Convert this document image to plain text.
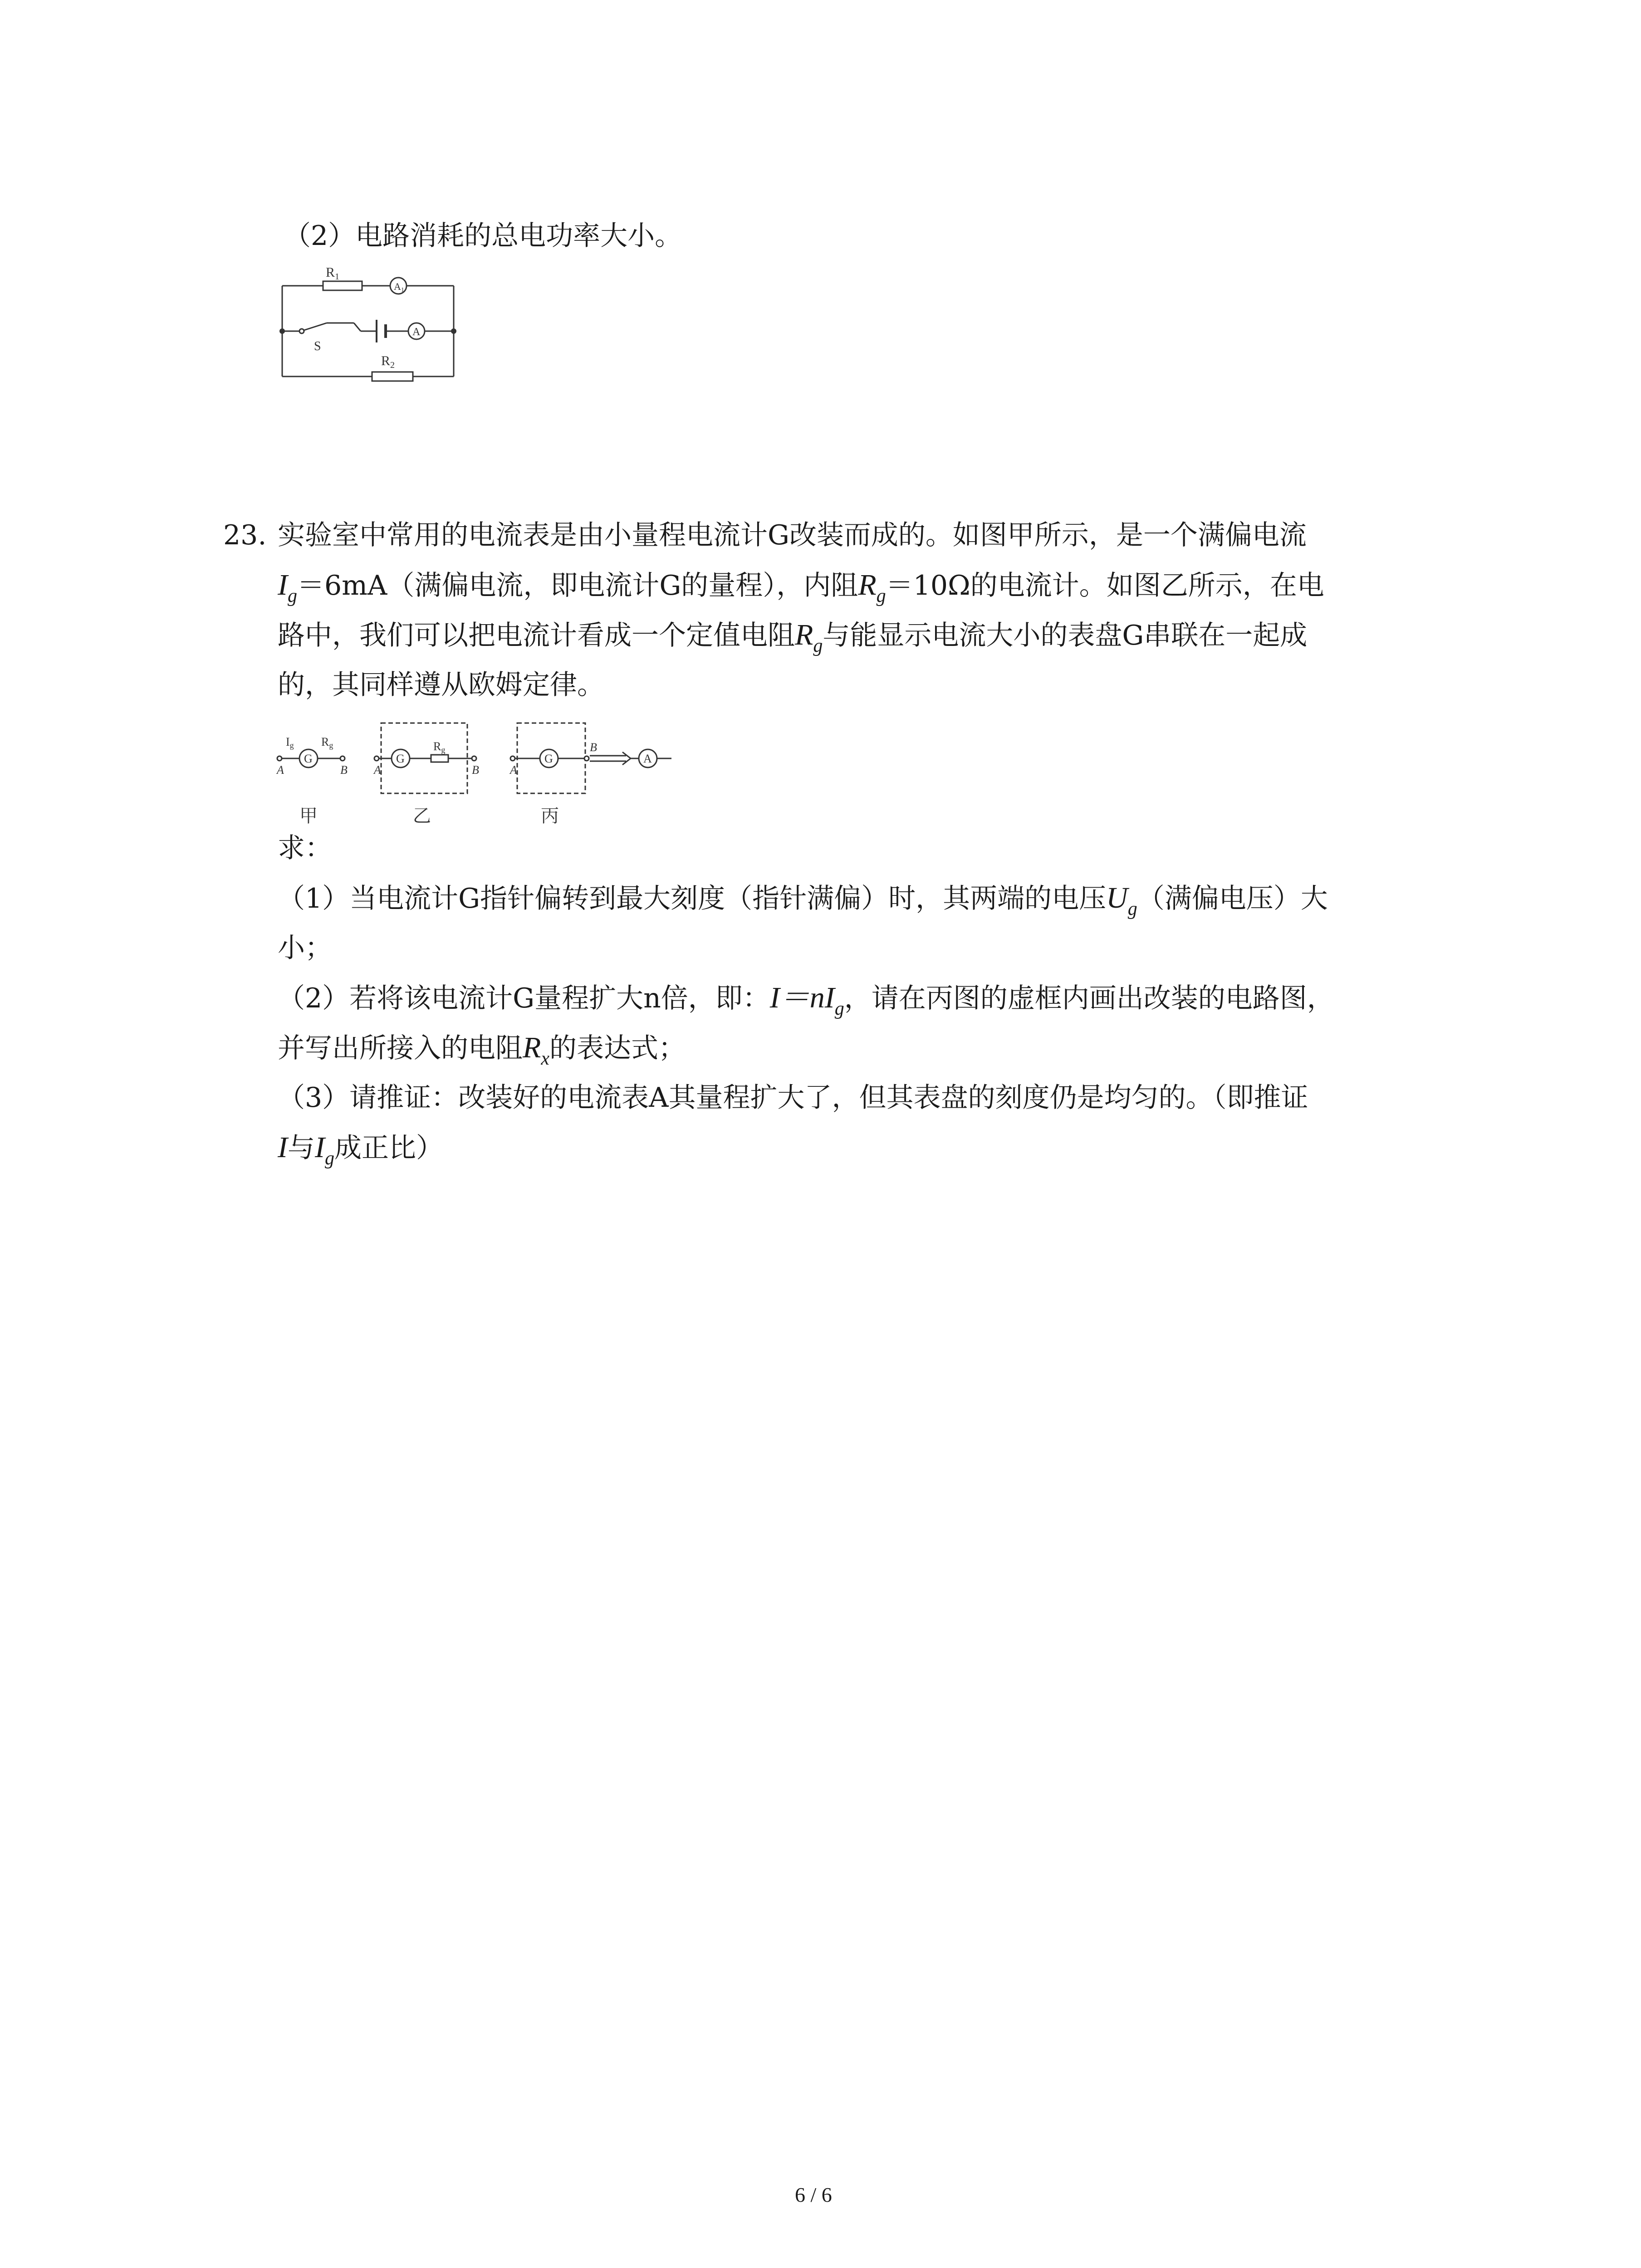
（2）电路消耗的总电功率大小。
$R_1$
A1
A
S
$R_2$
23. 实验室中常用的电流表是由小量程电流计G改装而成的。如图甲所示，是一个满偏电流
$I_g=6mA$（满偏电流，即电流计G的量程），内阻$R_g=10\Omega$的电流计。如图乙所示，在电
路中，我们可以把电流计看成一个定值电阻$R_g$与能显示电流大小的表盘G串联在一起成
的，其同样遵从欧姆定律。
G	G	G	A
Ig Rg	Rg
A	B A	B	A
B
甲	乙	丙
求：
（1）当电流计G指针偏转到最大刻度（指针满偏）时，其两端的电压$U_g$（满偏电压）大
小；
（2）若将该电流计G量程扩大n倍，即：$I=nI_g$，请在丙图的虚框内画出改装的电路图，
并写出所接入的电阻$R_x$的表达式；
（3）请推证：改装好的电流表A其量程扩大了，但其表盘的刻度仍是均匀的。（即推证
I与$I_g$成正比）
6 / 6
